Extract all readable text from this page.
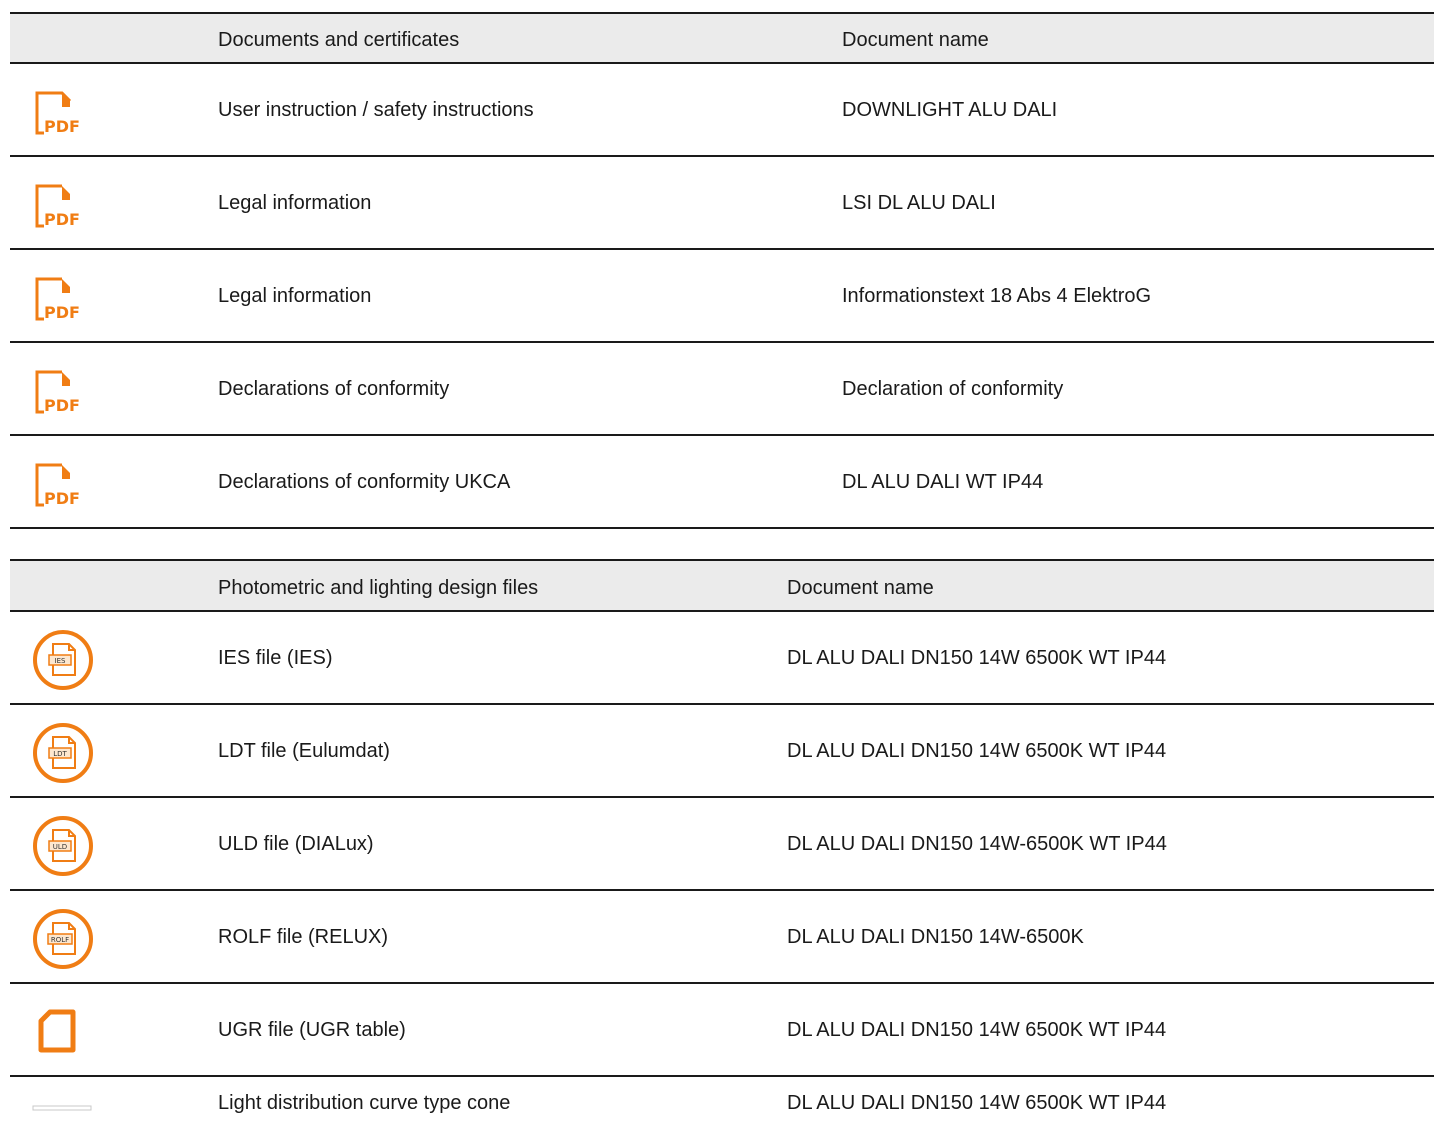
Documents and certificates	Document name
PDF
User instruction / safety instructions	DOWNLIGHT ALU DALI
PDF
Legal information	LSI DL ALU DALI
PDF
Legal information	Informationstext 18 Abs 4 ElektroG
PDF
Declarations of conformity	Declaration of conformity
PDF
Declarations of conformity UKCA	DL ALU DALI WT IP44
Photometric and lighting design files	Document name
IES	IES file (IES)	DL ALU DALI DN150 14W 6500K WT IP44
LDT	LDT file (Eulumdat)	DL ALU DALI DN150 14W 6500K WT IP44
ULD	ULD file (DIALux)	DL ALU DALI DN150 14W-6500K WT IP44
ROLF	ROLF file (RELUX)	DL ALU DALI DN150 14W-6500K
UGR file (UGR table)	DL ALU DALI DN150 14W 6500K WT IP44
Light distribution curve type cone	DL ALU DALI DN150 14W 6500K WT IP44
